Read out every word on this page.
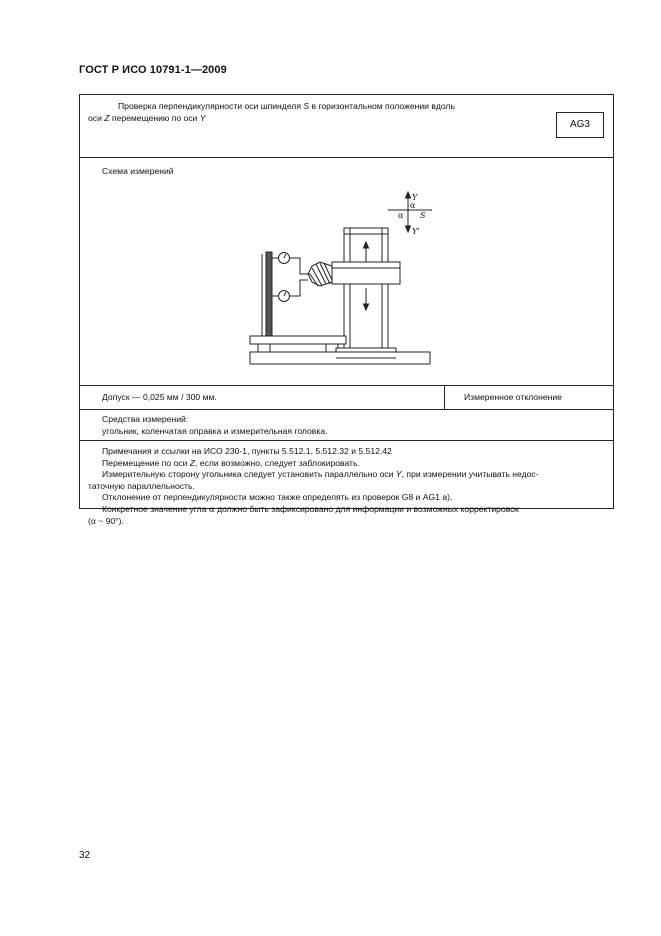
ГОСТ Р ИСО 10791-1—2009
Проверка перпендикулярности оси шпинделя S в горизонтальном положении вдоль
оси Z перемещению по оси Y
AG3
Схема измерений
Y
α
α S
Y'
Допуск — 0,025 мм / 300 мм.	Измеренное отклонение
Средства измерений:
угольник, коленчатая оправка и измерительная головка.
Примечания и ссылки на ИСО 230-1, пункты 5.512.1, 5.512.32 и 5.512.42
Перемещение по оси Z, если возможно, следует заблокировать.
Измерительную сторону угольника следует установить параллельно оси Y, при измерении учитывать недос-
таточную параллельность.
Отклонение от перпендикулярности можно также определять из проверок G8 и AG1 а).
Конкретное значение угла α должно быть зафиксировано для информации и возможных корректировок
(α ~ 90°).
32
